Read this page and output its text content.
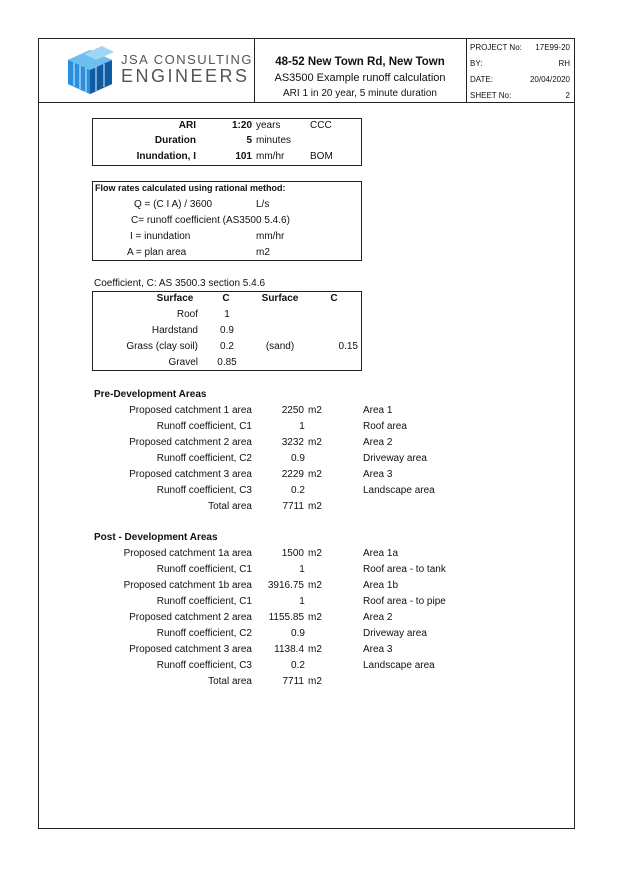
JSA CONSULTING
ENGINEERS
48-52 New Town Rd, New Town
AS3500 Example runoff calculation
ARI 1 in 20 year, 5 minute duration
PROJECT No: 17E99-20
BY:	RH
DATE:	20/04/2020
SHEET No:	2
ARI	1:20 years	CCC
Duration	5 minutes
Inundation, I	101 mm/hr	BOM
Flow rates calculated using rational method:
Q = (C I A) / 3600	L/s
C= runoff coefficient (AS3500 5.4.6)
I = inundation	mm/hr
A = plan area	m2
Coefficient, C: AS 3500.3 section 5.4.6
Surface	C	Surface	C
Roof	1
Hardstand	0.9
Grass (clay soil)	0.2	(sand)	0.15
Gravel	0.85
Pre-Development Areas
Proposed catchment 1 area	2250 m2	Area 1
Runoff coefficient, C1	1	Roof area
Proposed catchment 2 area	3232 m2	Area 2
Runoff coefficient, C2	0.9	Driveway area
Proposed catchment 3 area	2229 m2	Area 3
Runoff coefficient, C3	0.2	Landscape area
Total area	7711 m2
Post - Development Areas
Proposed catchment 1a area	1500 m2	Area 1a
Runoff coefficient, C1	1	Roof area - to tank
Proposed catchment 1b area	3916.75 m2	Area 1b
Runoff coefficient, C1	1	Roof area - to pipe
Proposed catchment 2 area	1155.85 m2	Area 2
Runoff coefficient, C2	0.9	Driveway area
Proposed catchment 3 area	1138.4 m2	Area 3
Runoff coefficient, C3	0.2	Landscape area
Total area	7711 m2
